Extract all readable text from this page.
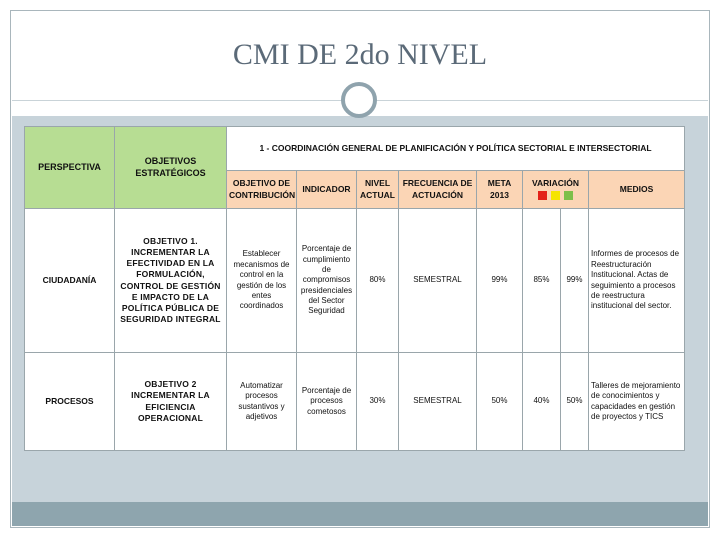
CMI DE 2do NIVEL
PERSPECTIVA	OBJETIVOS ESTRATÉGICOS	1 - COORDINACIÓN GENERAL DE PLANIFICACIÓN Y POLÍTICA SECTORIAL E INTERSECTORIAL							
		OBJETIVO DE CONTRIBUCIÓN	INDICADOR	NIVEL ACTUAL	FRECUENCIA DE ACTUACIÓN	META 2013	VARIACIÓN		MEDIOS
CIUDADANÍA	OBJETIVO 1. INCREMENTAR LA EFECTIVIDAD EN LA FORMULACIÓN, CONTROL DE GESTIÓN E IMPACTO DE LA POLÍTICA PÚBLICA DE SEGURIDAD INTEGRAL	Establecer mecanismos de control en la gestión de los entes coordinados	Porcentaje de cumplimiento de compromisos presidenciales del Sector Seguridad	80%	SEMESTRAL	99%	85%	99%	Informes de procesos de Reestructuración Institucional. Actas de seguimiento a procesos de reestructura institucional del sector.
PROCESOS	OBJETIVO 2 INCREMENTAR LA EFICIENCIA OPERACIONAL	Automatizar procesos sustantivos y adjetivos	Porcentaje de procesos cometosos	30%	SEMESTRAL	50%	40%	50%	Talleres de mejoramiento de conocimientos y capacidades en gestión de proyectos y TICS
